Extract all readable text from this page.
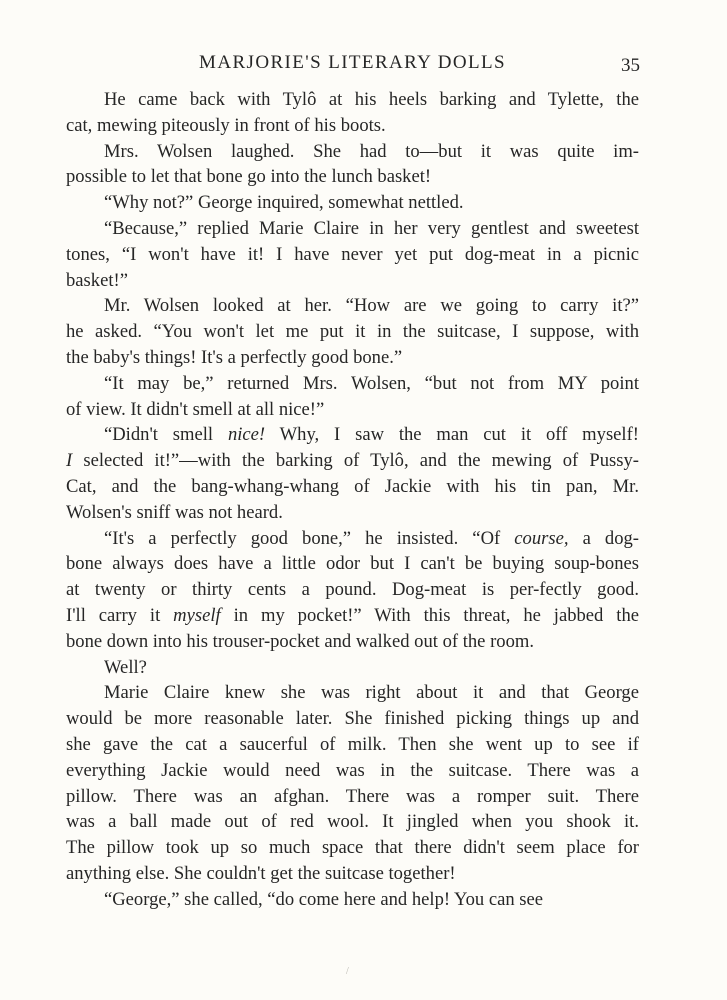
MARJORIE'S LITERARY DOLLS	35

He came back with Tylô at his heels barking and Tylette, the
cat, mewing piteously in front of his boots.

Mrs. Wolsen laughed. She had to—but it was quite im-
possible to let that bone go into the lunch basket!

“Why not?” George inquired, somewhat nettled.

“Because,” replied Marie Claire in her very gentlest and sweetest
tones, “I won't have it! I have never yet put dog-meat in a picnic
basket!”

Mr. Wolsen looked at her. “How are we going to carry it?”
he asked. “You won't let me put it in the suitcase, I suppose, with
the baby's things! It's a perfectly good bone.”

“It may be,” returned Mrs. Wolsen, “but not from MY point
of view. It didn't smell at all nice!”

“Didn't smell nice! Why, I saw the man cut it off myself!
I selected it!”—with the barking of Tylô, and the mewing of Pussy-
Cat, and the bang-whang-whang of Jackie with his tin pan, Mr.
Wolsen's sniff was not heard.

“It's a perfectly good bone,” he insisted. “Of course, a dog-
bone always does have a little odor but I can't be buying soup-bones
at twenty or thirty cents a pound. Dog-meat is per-fectly good.
I'll carry it myself in my pocket!” With this threat, he jabbed the
bone down into his trouser-pocket and walked out of the room.

Well?

Marie Claire knew she was right about it and that George
would be more reasonable later. She finished picking things up and
she gave the cat a saucerful of milk. Then she went up to see if
everything Jackie would need was in the suitcase. There was a
pillow. There was an afghan. There was a romper suit. There
was a ball made out of red wool. It jingled when you shook it.
The pillow took up so much space that there didn't seem place for
anything else. She couldn't get the suitcase together!

“George,” she called, “do come here and help! You can see

/
